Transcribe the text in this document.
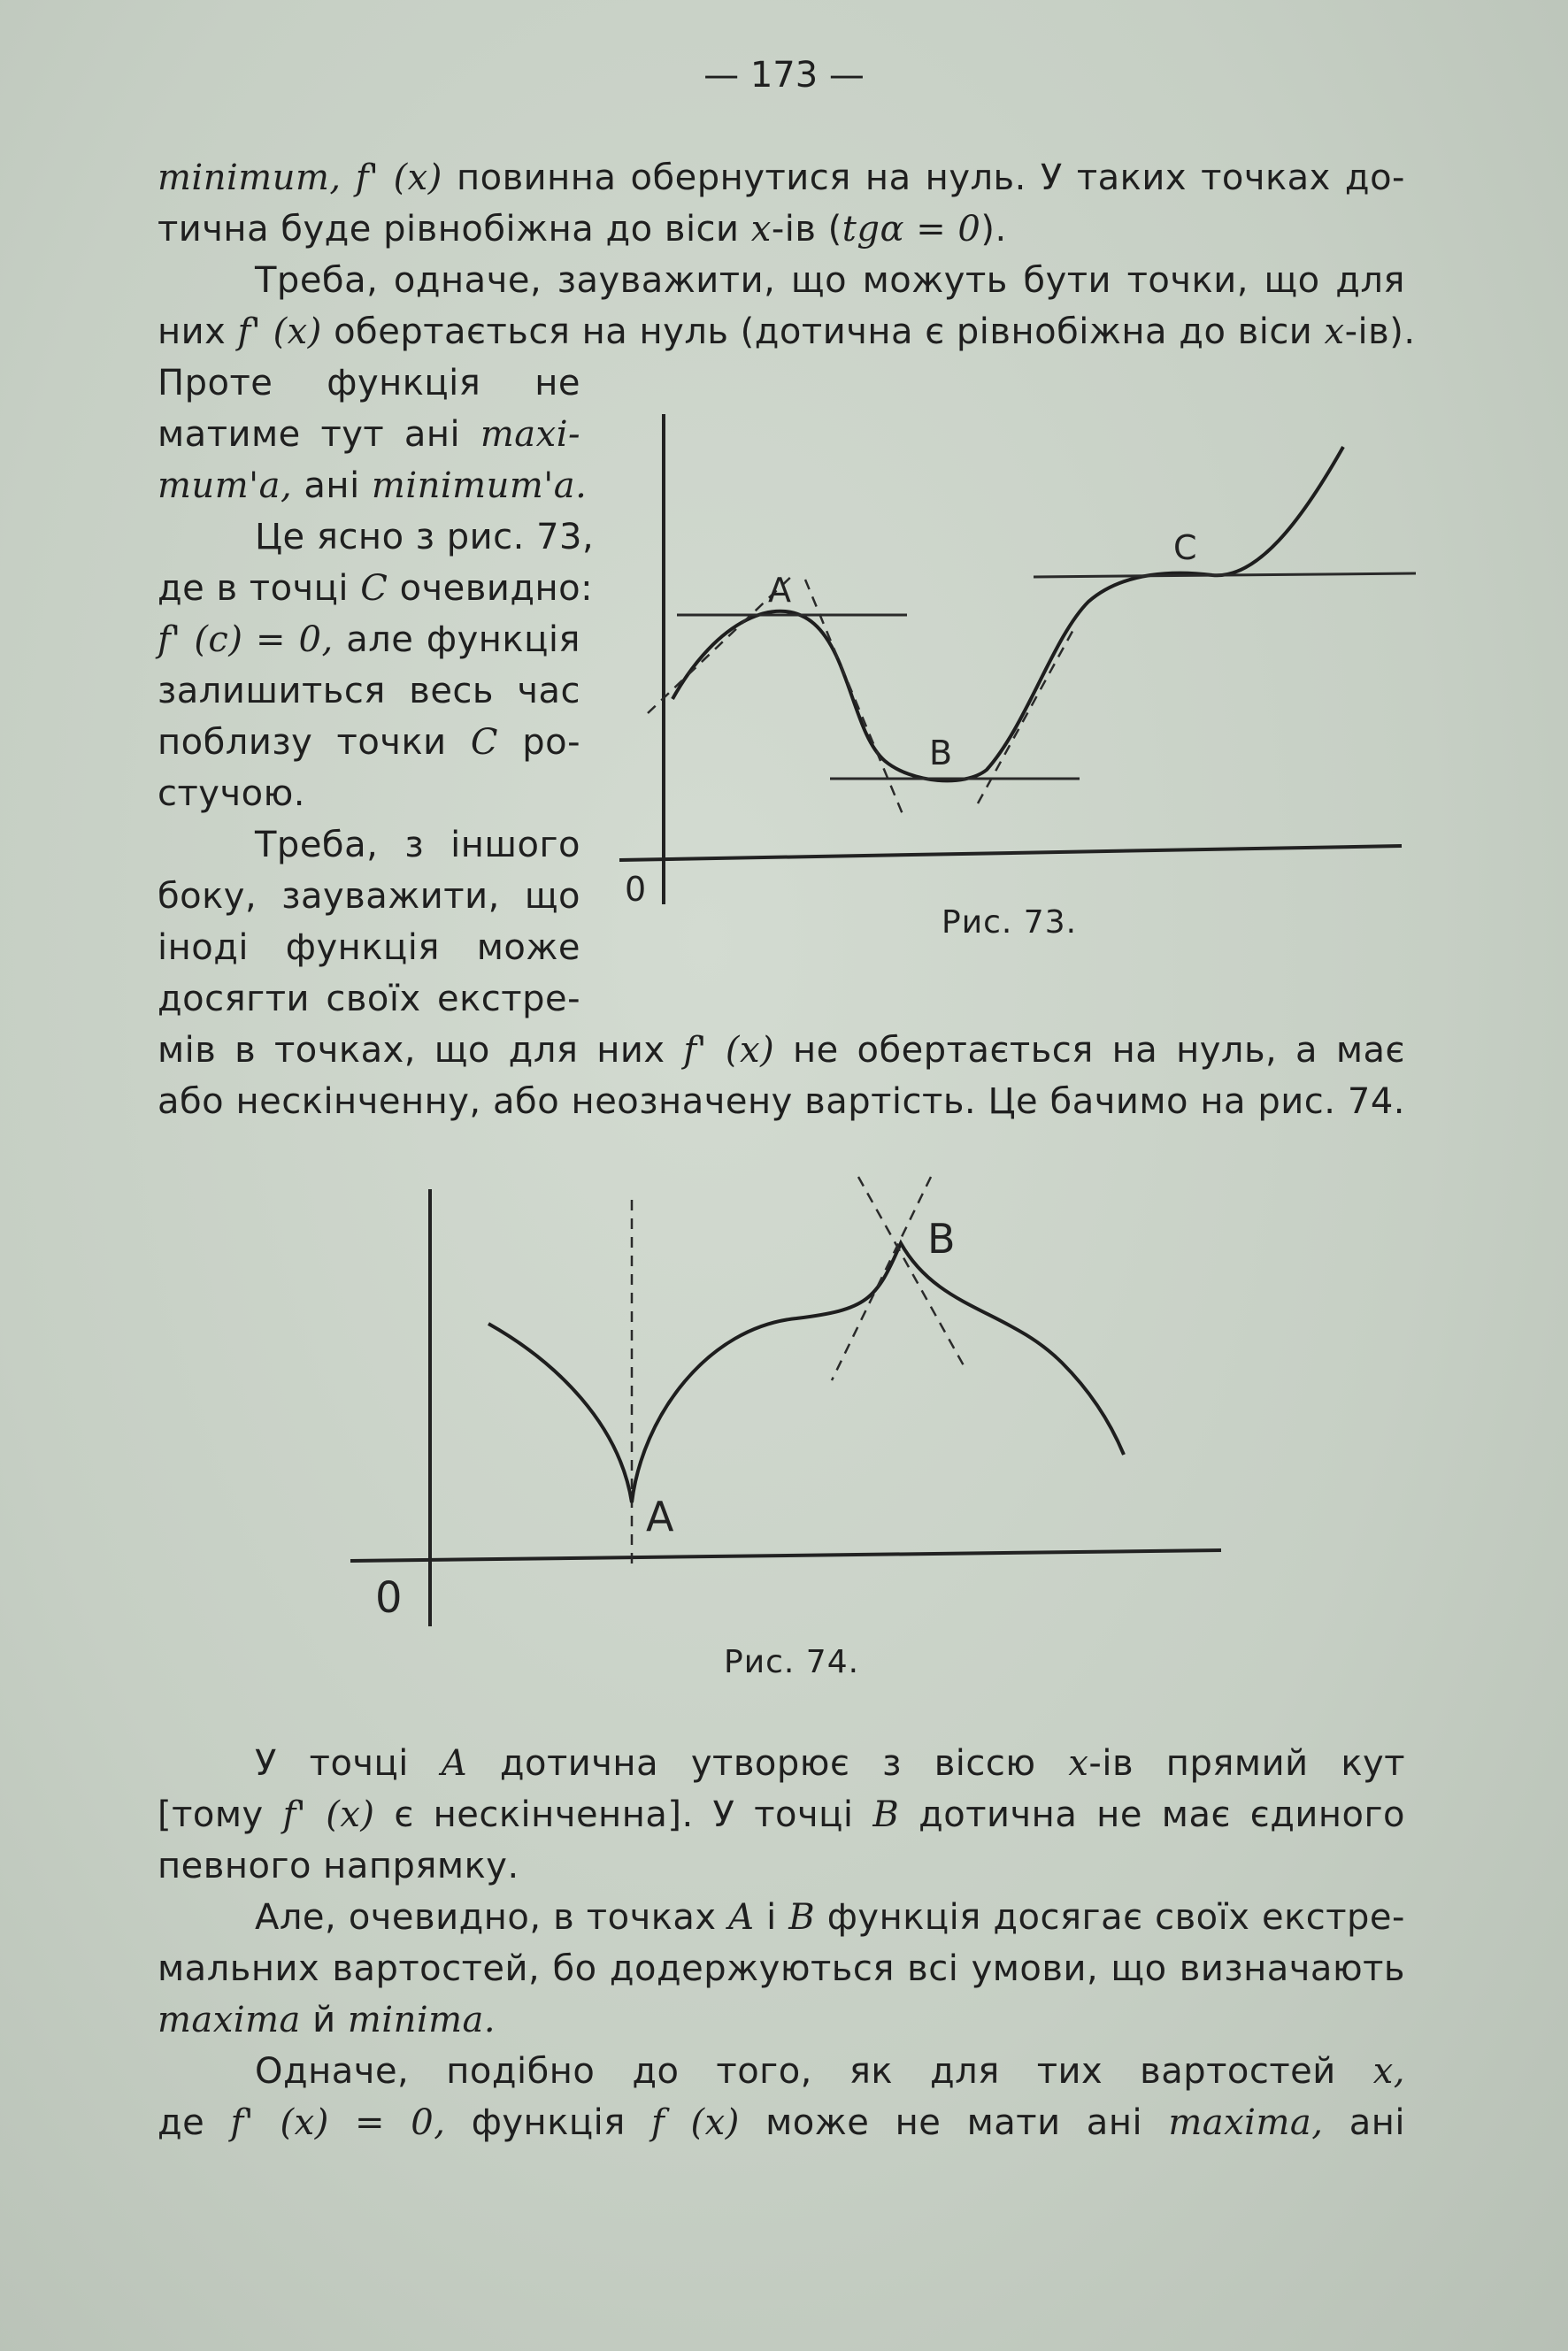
— 173 —
minimum, f' (x) повинна обернутися на нуль. У таких точках до-
тична буде рівнобіжна до віси x-ів (tgα = 0).
Треба, одначе, зауважити, що можуть бути точки, що для
них f' (x) обертається на нуль (дотична є рівнобіжна до віси x-ів).
Проте функція не
матиме тут ані maxi-
mum'a, ані minimum'a.
Це ясно з рис. 73,
де в точці C очевидно:
f' (c) = 0, але функція
залишиться весь час
поблизу точки C ро-
стучою.
Треба, з іншого
боку, зауважити, що
іноді функція може
досягти своїх екстре-
мів в точках, що для них f' (x) не обертається на нуль, а має
або нескінченну, або неозначену вартість. Це бачимо на рис. 74.
A
B
C
0
B
A
0
Рис. 73.
Рис. 74.
У точці A дотична утворює з віссю x-ів прямий кут
[тому f' (x) є нескінченна]. У точці B дотична не має єдиного
певного напрямку.
Але, очевидно, в точках A і B функція досягає своїх екстре-
мальних вартостей, бо додержуються всі умови, що визначають
maxima й minima.
Одначе, подібно до того, як для тих вартостей x,
де f' (x) = 0, функція f (x) може не мати ані maxima, ані
